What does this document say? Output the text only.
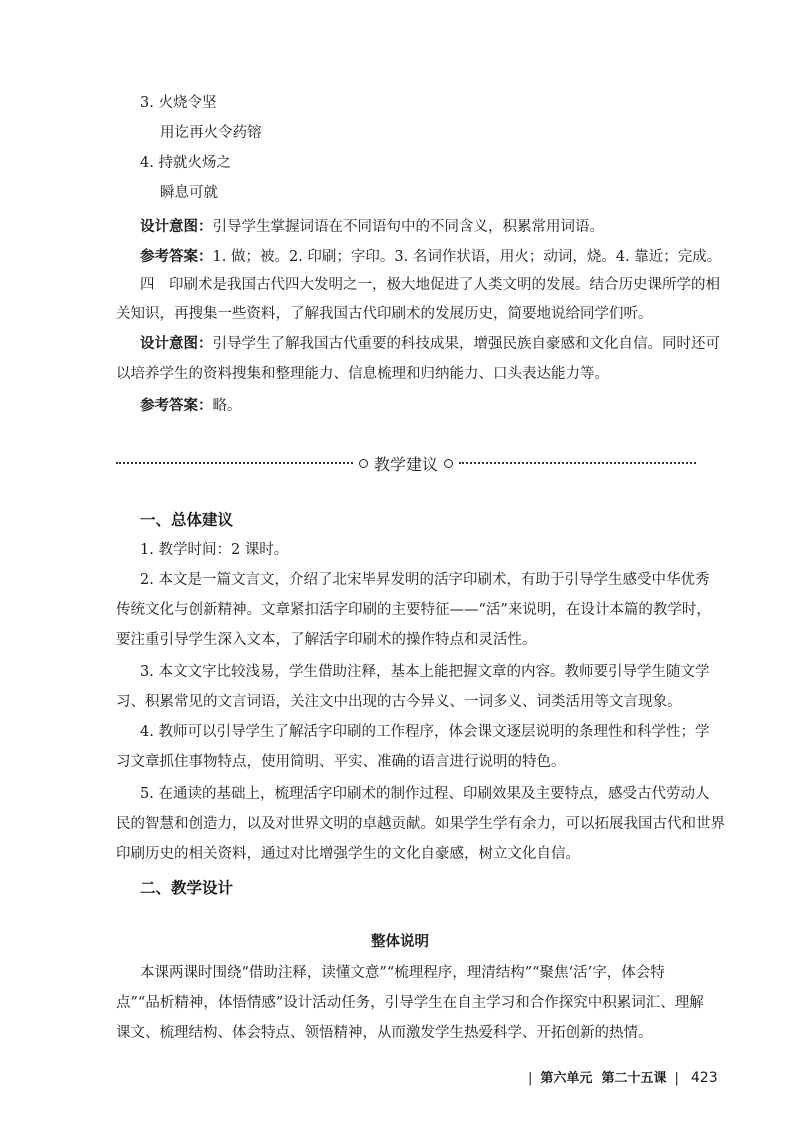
3. 火烧令坚
用讫再火令药镕
4. 持就火炀之
瞬息可就
设计意图：引导学生掌握词语在不同语句中的不同含义，积累常用词语。
参考答案：1. 做；被。2. 印刷；字印。3. 名词作状语，用火；动词，烧。4. 靠近；完成。
四　印刷术是我国古代四大发明之一，极大地促进了人类文明的发展。结合历史课所学的相
关知识，再搜集一些资料，了解我国古代印刷术的发展历史，简要地说给同学们听。
设计意图：引导学生了解我国古代重要的科技成果，增强民族自豪感和文化自信。同时还可
以培养学生的资料搜集和整理能力、信息梳理和归纳能力、口头表达能力等。
参考答案：略。
教学建议
一、总体建议
1. 教学时间：2 课时。
2. 本文是一篇文言文，介绍了北宋毕昇发明的活字印刷术，有助于引导学生感受中华优秀
传统文化与创新精神。文章紧扣活字印刷的主要特征——“活”来说明，在设计本篇的教学时，
要注重引导学生深入文本，了解活字印刷术的操作特点和灵活性。
3. 本文文字比较浅易，学生借助注释，基本上能把握文章的内容。教师要引导学生随文学
习、积累常见的文言词语，关注文中出现的古今异义、一词多义、词类活用等文言现象。
4. 教师可以引导学生了解活字印刷的工作程序，体会课文逐层说明的条理性和科学性；学
习文章抓住事物特点，使用简明、平实、准确的语言进行说明的特色。
5. 在通读的基础上，梳理活字印刷术的制作过程、印刷效果及主要特点，感受古代劳动人
民的智慧和创造力，以及对世界文明的卓越贡献。如果学生学有余力，可以拓展我国古代和世界
印刷历史的相关资料，通过对比增强学生的文化自豪感，树立文化自信。
二、教学设计
整体说明
本课两课时围绕“借助注释，读懂文意”“梳理程序，理清结构”“聚焦‘活’字，体会特
点”“品析精神，体悟情感”设计活动任务，引导学生在自主学习和合作探究中积累词汇、理解
课文、梳理结构、体会特点、领悟精神，从而激发学生热爱科学、开拓创新的热情。
| 第六单元 第二十五课 | 423
